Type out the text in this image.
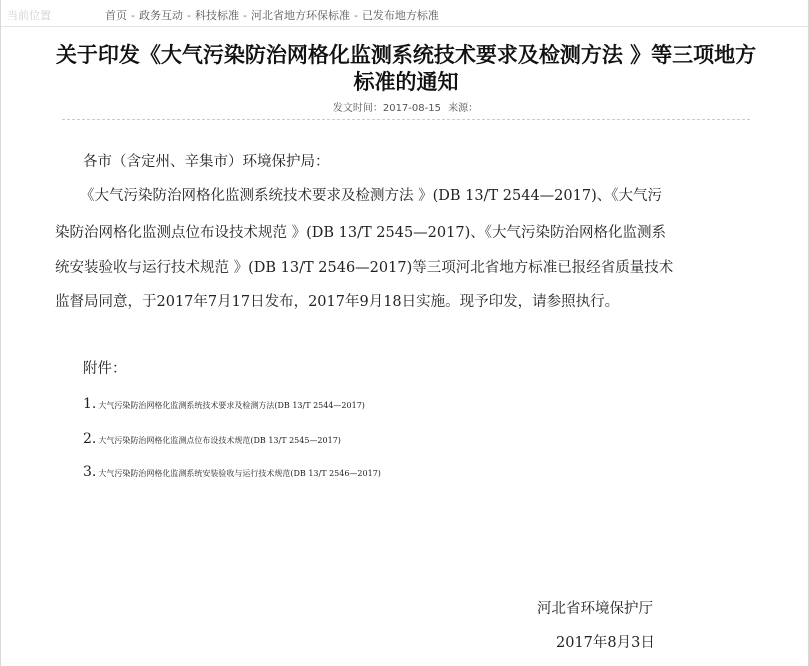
当前位置	首页 - 政务互动 - 科技标准 - 河北省地方环保标准 - 已发布地方标准
关于印发《大气污染防治网格化监测系统技术要求及检测方法 》等三项地方
标准的通知
发文时间：2017-08-15 来源：
各市（含定州、辛集市）环境保护局：
《大气污染防治网格化监测系统技术要求及检测方法 》(DB 13/T 2544—2017)、《大气污
染防治网格化监测点位布设技术规范 》(DB 13/T 2545—2017)、《大气污染防治网格化监测系
统安装验收与运行技术规范 》(DB 13/T 2546—2017)等三项河北省地方标准已报经省质量技术
监督局同意，于2017年7月17日发布，2017年9月18日实施。现予印发，请参照执行。
附件：
1. 大气污染防治网格化监测系统技术要求及检测方法(DB 13/T 2544—2017)
2. 大气污染防治网格化监测点位布设技术规范(DB 13/T 2545—2017)
3. 大气污染防治网格化监测系统安装验收与运行技术规范(DB 13/T 2546—2017)
河北省环境保护厅
2017年8月3日
